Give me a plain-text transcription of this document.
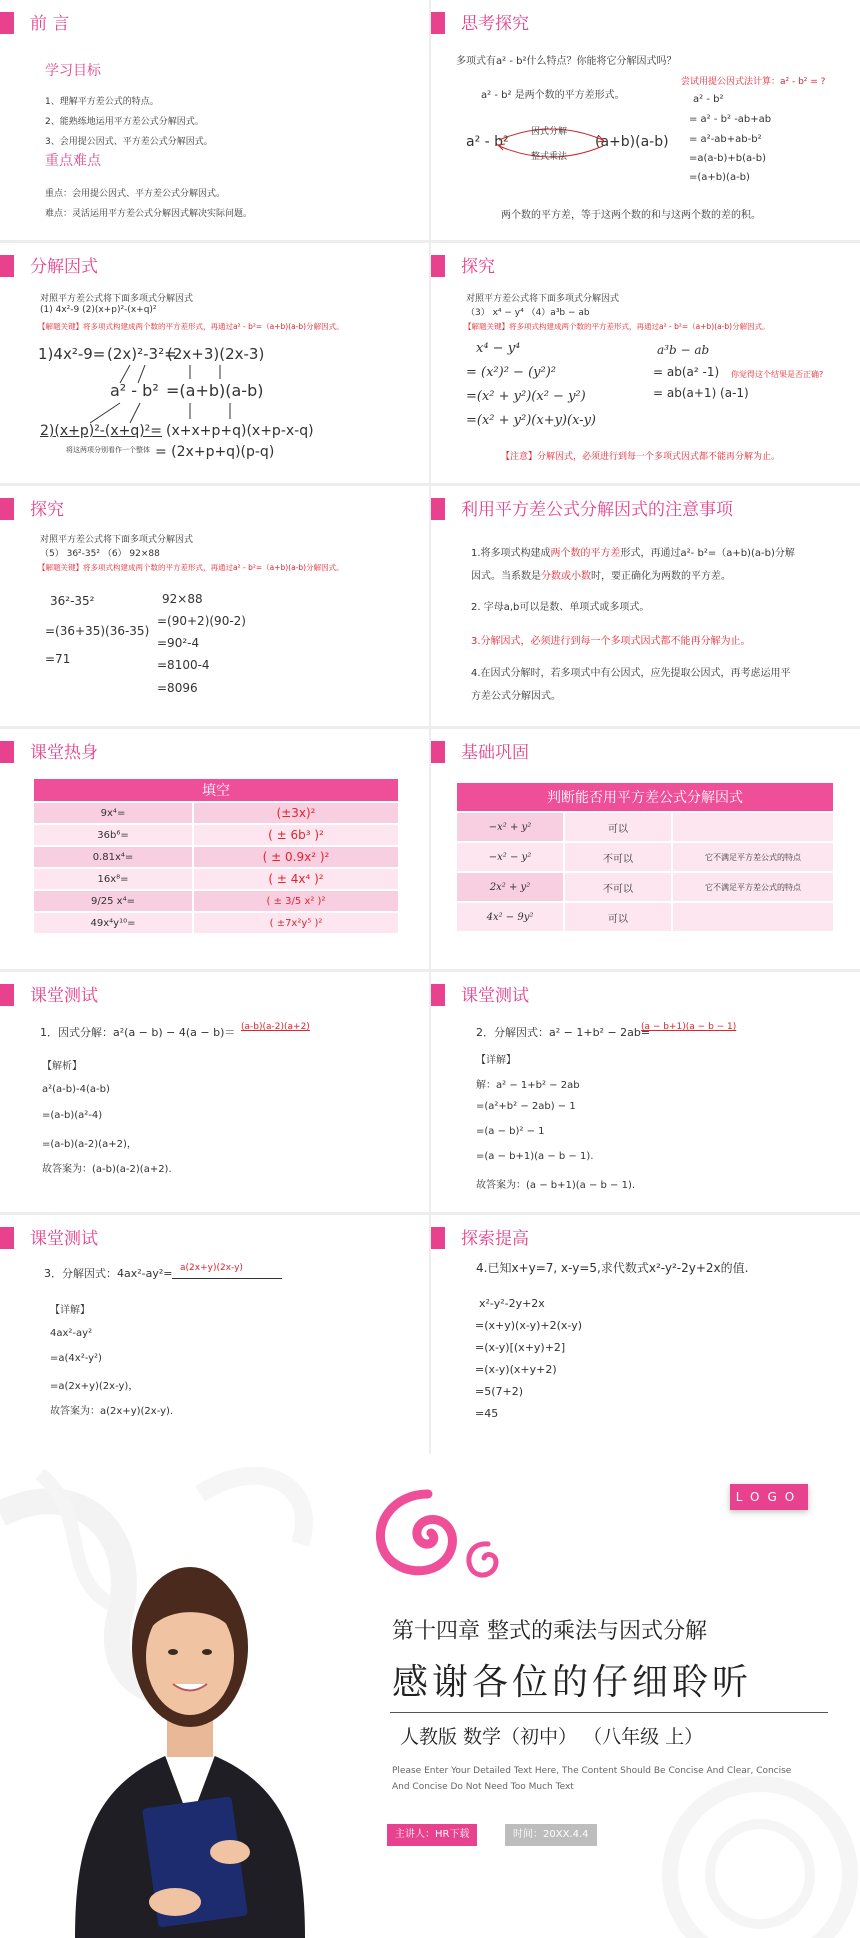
前 言
学习目标
1、理解平方差公式的特点。
2、能熟练地运用平方差公式分解因式。
3、会用提公因式、平方差公式分解因式。
重点难点
重点：会用提公因式、平方差公式分解因式。
难点：灵活运用平方差公式分解因式解决实际问题。
思考探究
多项式有a² - b²什么特点？你能将它分解因式吗？
尝试用提公因式法计算：a² - b² = ?
a² - b² 是两个数的平方差形式。
a² - b²	(a+b)(a-b)
因式分解
整式乘法
a² - b²
= a² - b² -ab+ab
= a²-ab+ab-b²
=a(a-b)+b(a-b)
=(a+b)(a-b)
两个数的平方差，等于这两个数的和与这两个数的差的积。
分解因式
对照平方差公式将下面多项式分解因式
(1) 4x²-9 (2)(x+p)²-(x+q)²
【解题关键】将多项式构建成两个数的平方差形式，再通过a² - b²=（a+b)(a-b)分解因式。
1)4x²-9= (2x)²-3²=
(2x+3)(2x-3)
a² - b² =(a+b)(a-b)
2)(x+p)²-(x+q)²= (x+x+p+q)(x+p-x-q)
将这两项分别看作一个整体 = (2x+p+q)(p-q)
探究
对照平方差公式将下面多项式分解因式
（3） x⁴ − y⁴ （4）a³b − ab
【解题关键】将多项式构建成两个数的平方差形式，再通过a² - b²=（a+b)(a-b)分解因式。
x⁴ − y⁴
= (x²)² − (y²)²
=(x² + y²)(x² − y²)
=(x² + y²)(x+y)(x-y)
a³b − ab
= ab(a² -1)
= ab(a+1) (a-1)
你觉得这个结果是否正确?
【注意】分解因式，必须进行到每一个多项式因式都不能再分解为止。
探究
对照平方差公式将下面多项式分解因式
（5） 36²-35² （6） 92×88
【解题关键】将多项式构建成两个数的平方差形式，再通过a² - b²=（a+b)(a-b)分解因式。
36²-35²
=(36+35)(36-35)
=71
92×88
=(90+2)(90-2)
=90²-4
=8100-4
=8096
利用平方差公式分解因式的注意事项
1.将多项式构建成两个数的平方差形式，再通过a²- b²=（a+b)(a-b)分解
因式。当系数是分数或小数时，要正确化为两数的平方差。
2. 字母a,b可以是数、单项式或多项式。
3.分解因式，必须进行到每一个多项式因式都不能再分解为止。
4.在因式分解时，若多项式中有公因式，应先提取公因式，再考虑运用平
方差公式分解因式。
课堂热身
填空	
9x⁴=	(±3x)²
36b⁶=	( ± 6b³ )²
0.81x⁴=	( ± 0.9x² )²
16x⁸=	( ± 4x⁴ )²
9/25 x⁴=	( ± 3/5 x² )²
49x⁴y¹⁰=	( ±7x²y⁵ )²
基础巩固
判断能否用平方差公式分解因式		
−x² + y²	可以	
−x² − y²	不可以	它不满足平方差公式的特点
2x² + y²	不可以	它不满足平方差公式的特点
4x² − 9y²	可以	
课堂测试
1．因式分解：a²(a − b) − 4(a − b)＝ (a-b)(a-2)(a+2)
【解析】
a²(a-b)-4(a-b)
=(a-b)(a²-4)
=(a-b)(a-2)(a+2)，
故答案为：(a-b)(a-2)(a+2).
课堂测试
2．分解因式：a² − 1+b² − 2ab=
(a − b+1)(a − b − 1)
【详解】
解：a² − 1+b² − 2ab
=(a²+b² − 2ab) − 1
=(a − b)² − 1
=(a − b+1)(a − b − 1).
故答案为：(a − b+1)(a − b − 1).
课堂测试
3．分解因式：4ax²-ay²= a(2x+y)(2x-y)
【详解】
4ax²-ay²
=a(4x²-y²)
=a(2x+y)(2x-y)，
故答案为：a(2x+y)(2x-y).
探索提高
4.已知x+y=7, x-y=5,求代数式x²-y²-2y+2x的值.
x²-y²-2y+2x
=(x+y)(x-y)+2(x-y)
=(x-y)[(x+y)+2]
=(x-y)(x+y+2)
=5(7+2)
=45
LOGO
第十四章 整式的乘法与因式分解
感谢各位的仔细聆听
人教版 数学（初中） （八年级 上）
Please Enter Your Detailed Text Here, The Content Should Be Concise And Clear, Concise
And Concise Do Not Need Too Much Text
主讲人：HR下载	时间：20XX.4.4
